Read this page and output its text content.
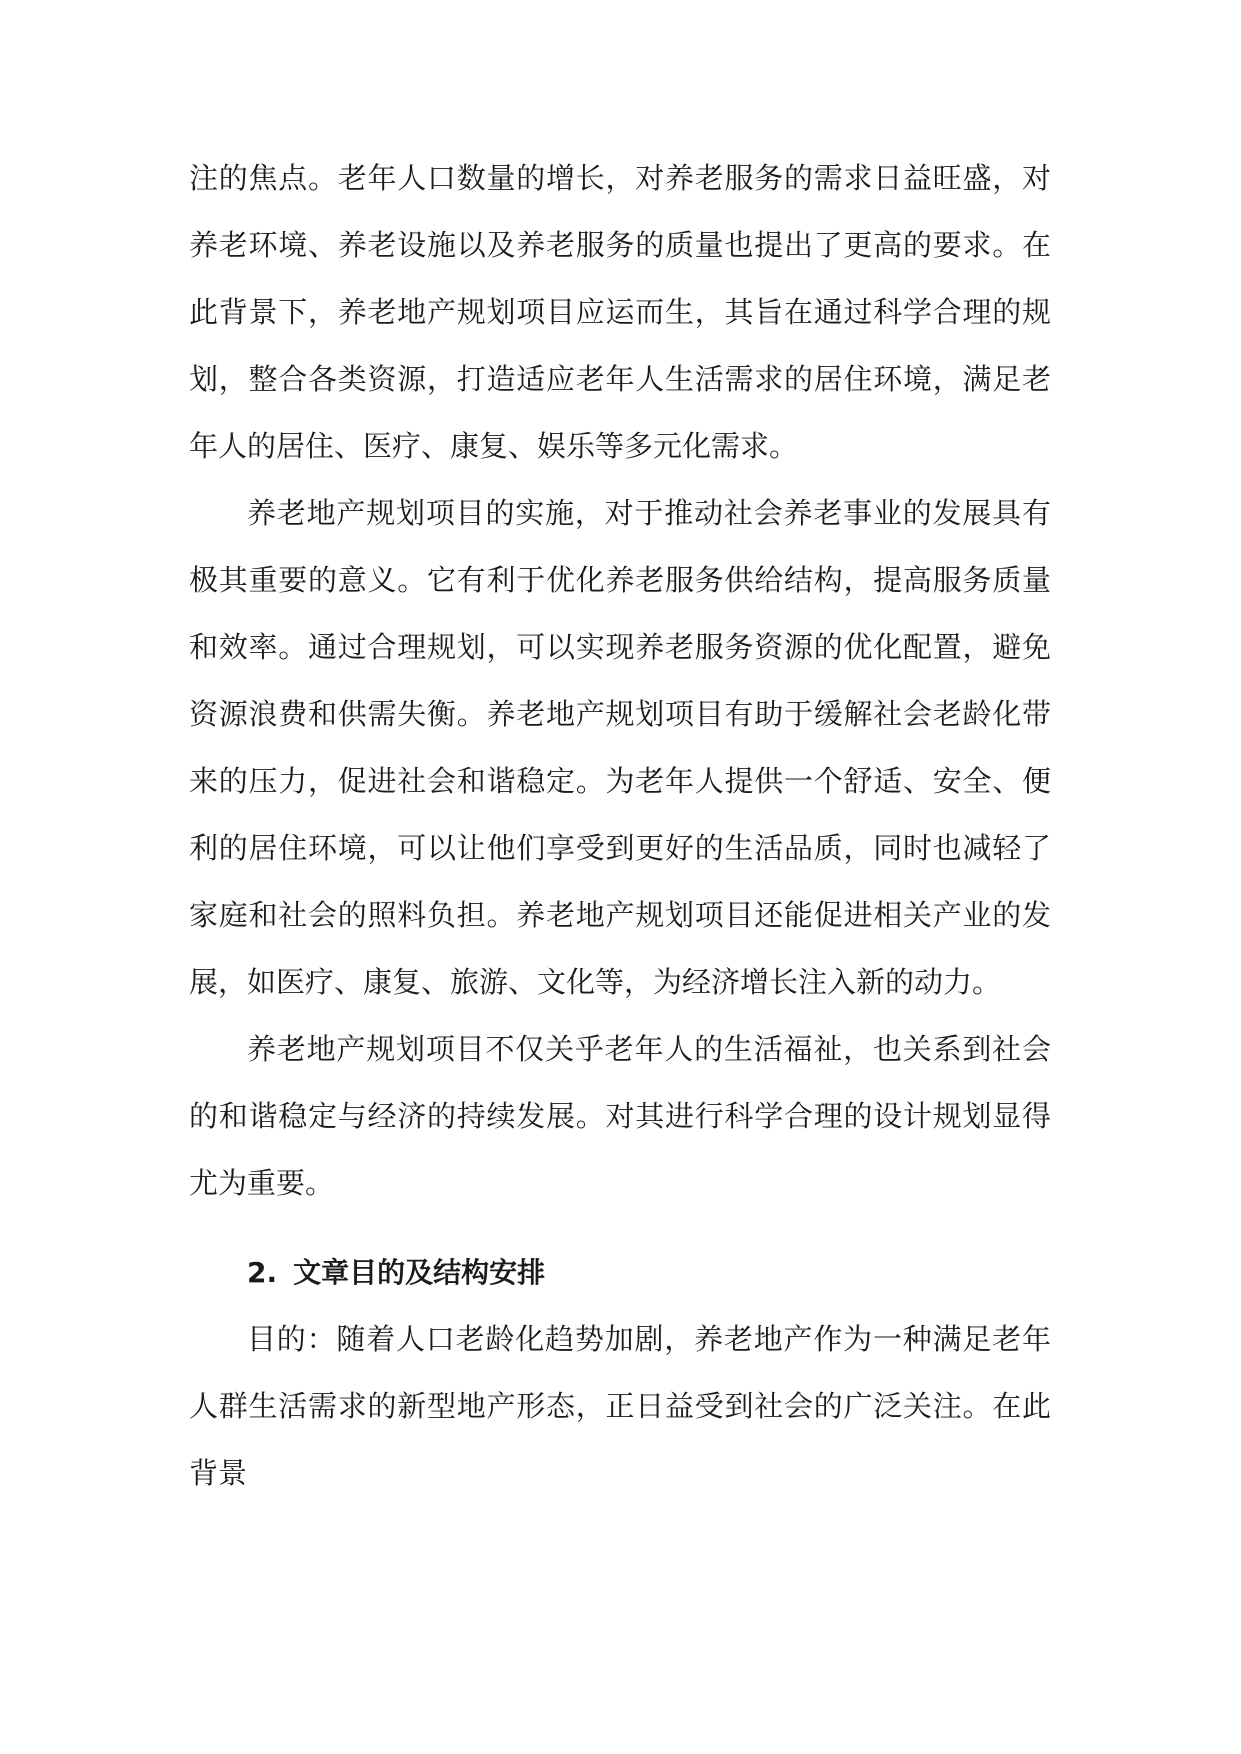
注的焦点。老年人口数量的增长，对养老服务的需求日益旺盛，对养老环境、养老设施以及养老服务的质量也提出了更高的要求。在此背景下，养老地产规划项目应运而生，其旨在通过科学合理的规划，整合各类资源，打造适应老年人生活需求的居住环境，满足老年人的居住、医疗、康复、娱乐等多元化需求。

养老地产规划项目的实施，对于推动社会养老事业的发展具有极其重要的意义。它有利于优化养老服务供给结构，提高服务质量和效率。通过合理规划，可以实现养老服务资源的优化配置，避免资源浪费和供需失衡。养老地产规划项目有助于缓解社会老龄化带来的压力，促进社会和谐稳定。为老年人提供一个舒适、安全、便利的居住环境，可以让他们享受到更好的生活品质，同时也减轻了家庭和社会的照料负担。养老地产规划项目还能促进相关产业的发展，如医疗、康复、旅游、文化等，为经济增长注入新的动力。

养老地产规划项目不仅关乎老年人的生活福祉，也关系到社会的和谐稳定与经济的持续发展。对其进行科学合理的设计规划显得尤为重要。

2. 文章目的及结构安排

目的：随着人口老龄化趋势加剧，养老地产作为一种满足老年人群生活需求的新型地产形态，正日益受到社会的广泛关注。在此背景
